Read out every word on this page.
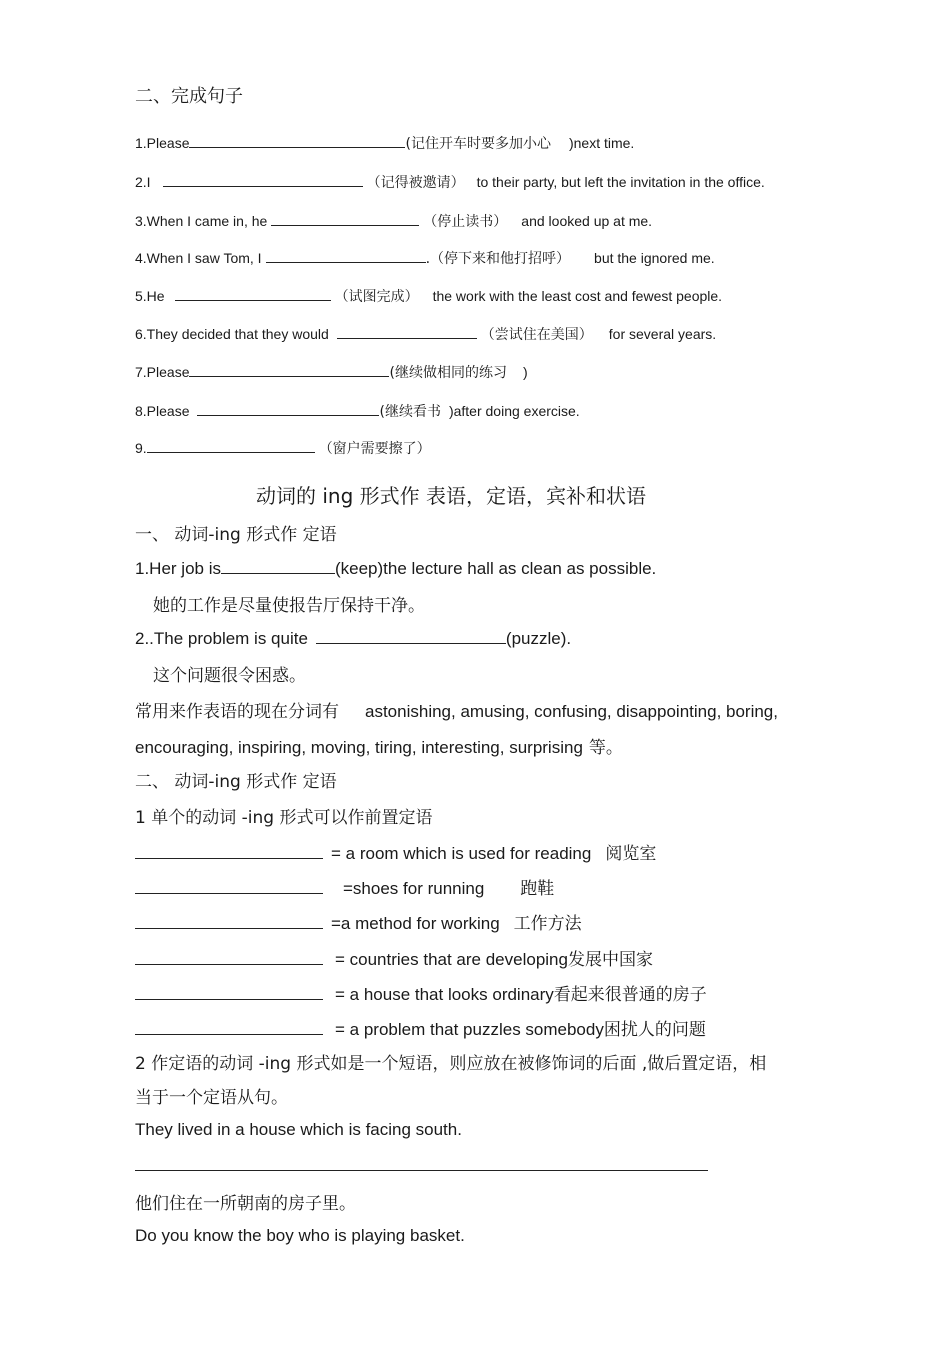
二、完成句子
1.Please	(记住开车时要多加小心 )next time.
2.I	（记得被邀请） to their party, but left the invitation in the office.
3.When I came in, he	（停止读书） and looked up at me.
4.When I saw Tom, I	.（停下来和他打招呼） but the ignored me.
5.He	（试图完成） the work with the least cost and fewest people.
6.They decided that they would	（尝试住在美国） for several years.
7.Please	(继续做相同的练习 )
8.Please	(继续看书 )after doing exercise.
9.	（窗户需要擦了）
动词的 ing 形式作 表语，定语，宾补和状语
一、 动词-ing 形式作 定语
1.Her job is	(keep)the lecture hall as clean as possible.
她的工作是尽量使报告厅保持干净。
2..The problem is quite	(puzzle).
这个问题很令困惑。
常用来作表语的现在分词有 astonishing, amusing, confusing, disappointing, boring,
encouraging, inspiring, moving, tiring, interesting, surprising 等。
二、 动词-ing 形式作 定语
1 单个的动词 -ing 形式可以作前置定语
= a room which is used for reading 阅览室
=shoes for running 跑鞋
=a method for working 工作方法
= countries that are developing发展中国家
= a house that looks ordinary看起来很普通的房子
= a problem that puzzles somebody困扰人的问题
2 作定语的动词 -ing 形式如是一个短语，则应放在被修饰词的后面 ,做后置定语，相
当于一个定语从句。
They lived in a house which is facing south.
他们住在一所朝南的房子里。
Do you know the boy who is playing basket.
